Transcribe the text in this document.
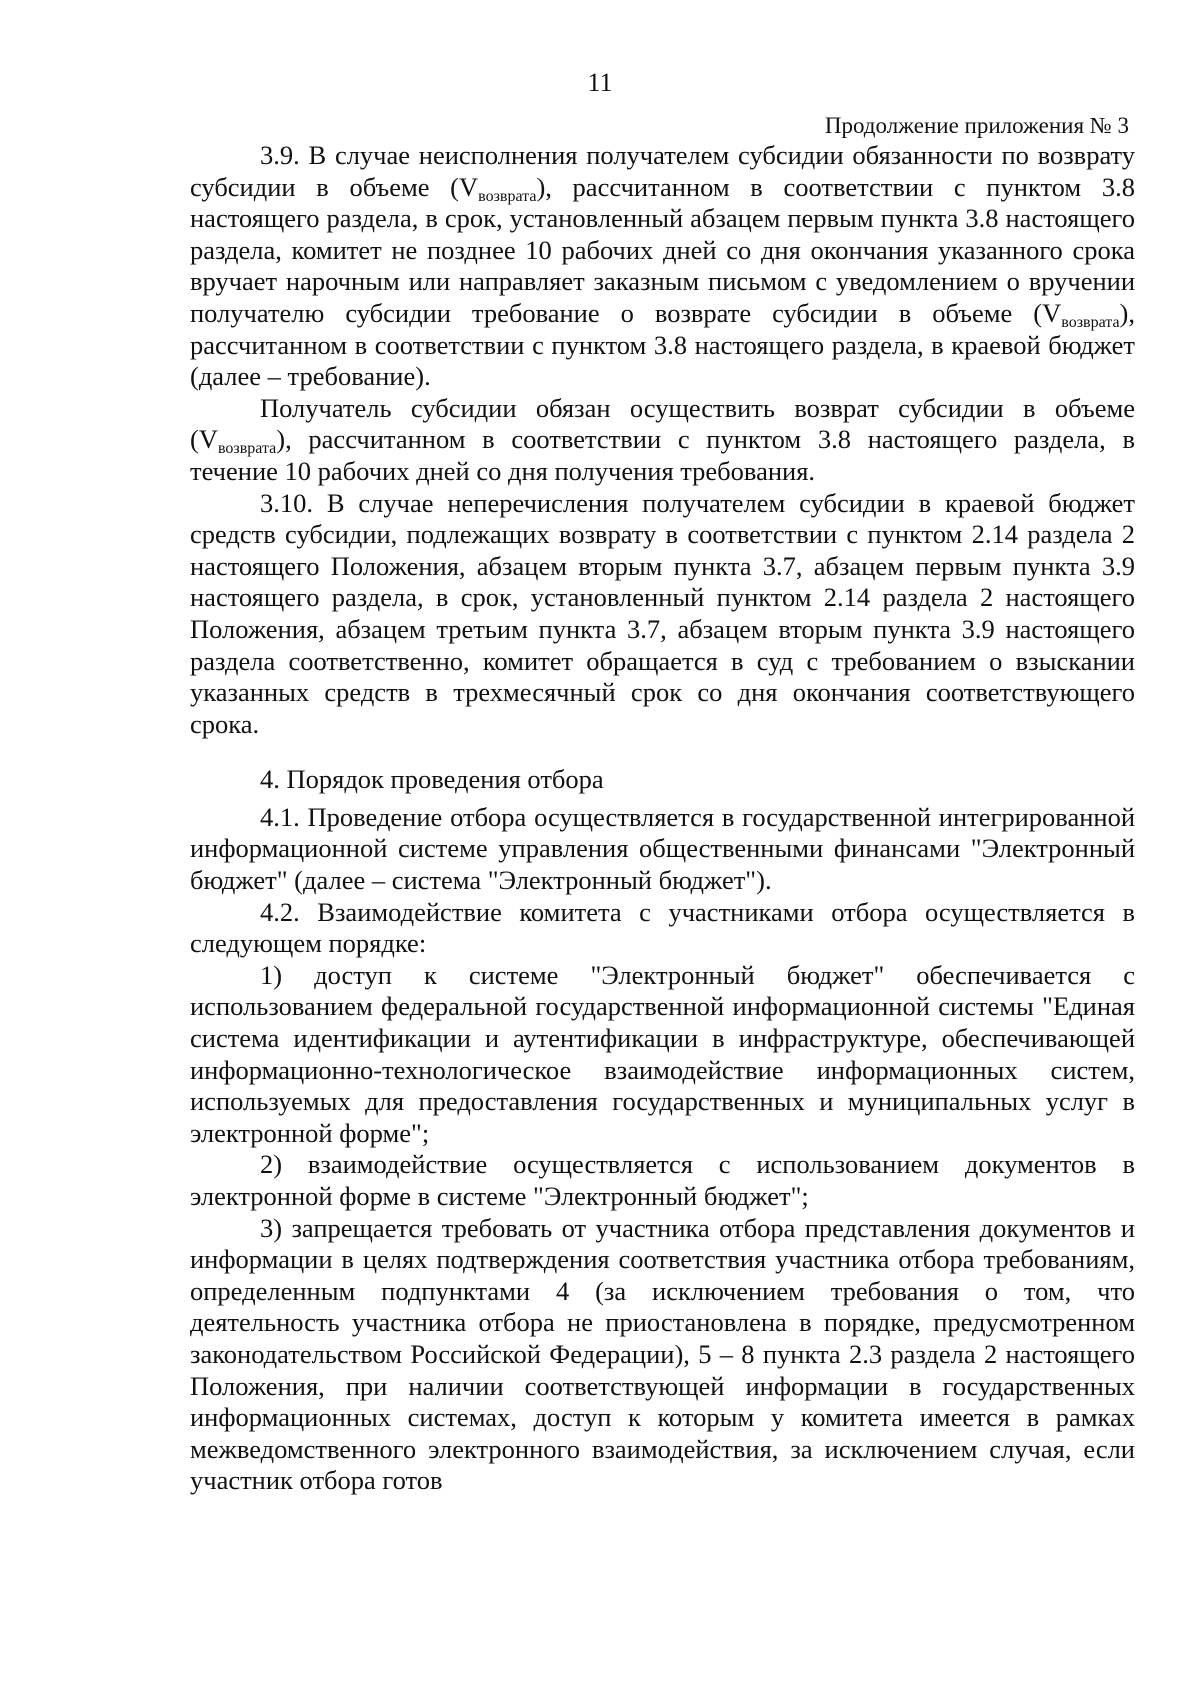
11
Продолжение приложения № 3

3.9. В случае неисполнения получателем субсидии обязанности по возврату субсидии в объеме $(V_{возврата})$, рассчитанном в соответствии с пунктом 3.8 настоящего раздела, в срок, установленный абзацем первым пункта 3.8 настоящего раздела, комитет не позднее 10 рабочих дней со дня окончания указанного срока вручает нарочным или направляет заказным письмом с уведомлением о вручении получателю субсидии требование о возврате субсидии в объеме $(V_{возврата})$, рассчитанном в соответствии с пунктом 3.8 настоящего раздела, в краевой бюджет (далее – требование).

Получатель субсидии обязан осуществить возврат субсидии в объеме $(V_{возврата})$, рассчитанном в соответствии с пунктом 3.8 настоящего раздела, в течение 10 рабочих дней со дня получения требования.

3.10. В случае неперечисления получателем субсидии в краевой бюджет средств субсидии, подлежащих возврату в соответствии с пунктом 2.14 раздела 2 настоящего Положения, абзацем вторым пункта 3.7, абзацем первым пункта 3.9 настоящего раздела, в срок, установленный пунктом 2.14 раздела 2 настоящего Положения, абзацем третьим пункта 3.7, абзацем вторым пункта 3.9 настоящего раздела соответственно, комитет обращается в суд с требованием о взыскании указанных средств в трехмесячный срок со дня окончания соответствующего срока.

4. Порядок проведения отбора

4.1. Проведение отбора осуществляется в государственной интегрированной информационной системе управления общественными финансами "Электронный бюджет" (далее – система "Электронный бюджет").

4.2. Взаимодействие комитета с участниками отбора осуществляется в следующем порядке:

1) доступ к системе "Электронный бюджет" обеспечивается с использованием федеральной государственной информационной системы "Единая система идентификации и аутентификации в инфраструктуре, обеспечивающей информационно-технологическое взаимодействие информационных систем, используемых для предоставления государственных и муниципальных услуг в электронной форме";

2) взаимодействие осуществляется с использованием документов в электронной форме в системе "Электронный бюджет";

3) запрещается требовать от участника отбора представления документов и информации в целях подтверждения соответствия участника отбора требованиям, определенным подпунктами 4 (за исключением требования о том, что деятельность участника отбора не приостановлена в порядке, предусмотренном законодательством Российской Федерации), 5 – 8 пункта 2.3 раздела 2 настоящего Положения, при наличии соответствующей информации в государственных информационных системах, доступ к которым у комитета имеется в рамках межведомственного электронного взаимодействия, за исключением случая, если участник отбора готов
